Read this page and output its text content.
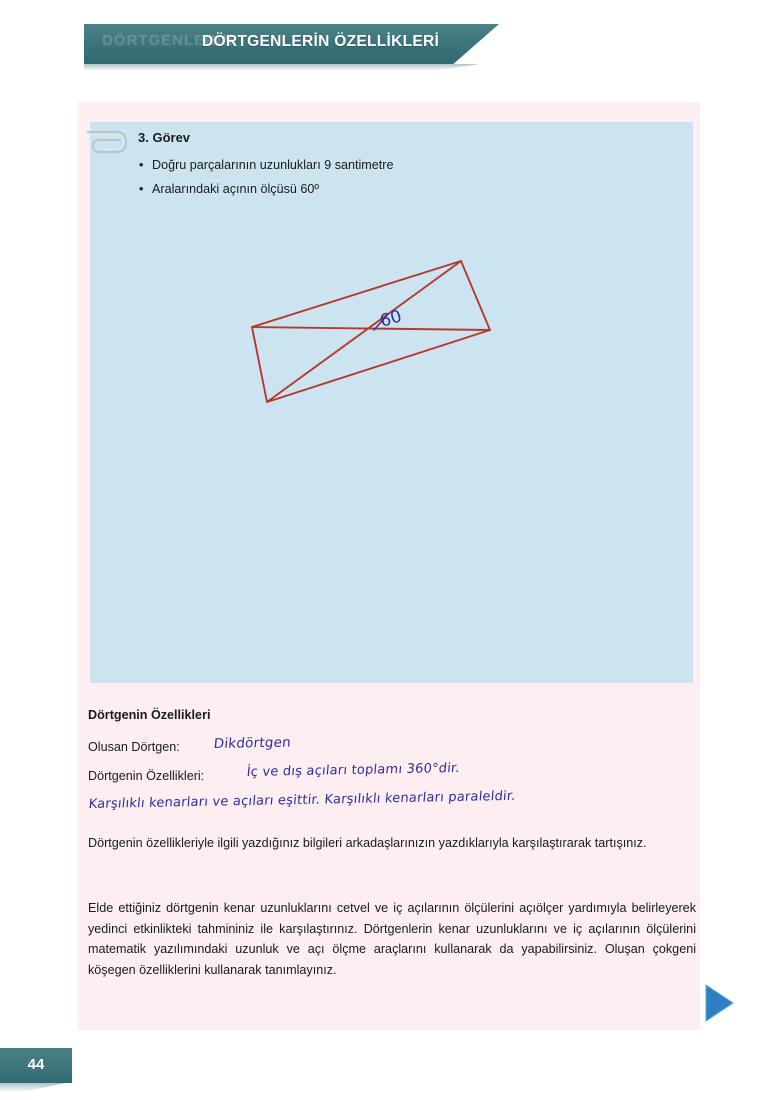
DÖRTGENLERİN
DÖRTGENLERİN ÖZELLİKLERİ
3. Görev
• Doğru parçalarının uzunlukları 9 santimetre
• Aralarındaki açının ölçüsü 60º
60
Dörtgenin Özellikleri
Olusan Dörtgen: Dikdörtgen
Dörtgenin Özellikleri:	İç ve dış açıları toplamı 360°dir.
Karşılıklı kenarları ve açıları eşittir. Karşılıklı kenarları paraleldir.
Dörtgenin özellikleriyle ilgili yazdığınız bilgileri arkadaşlarınızın yazdıklarıyla karşılaştırarak tartışınız.
Elde ettiğiniz dörtgenin kenar uzunluklarını cetvel ve iç açılarının ölçülerini açıölçer yardımıyla belirleyerek yedinci etkinlikteki tahmininiz ile karşılaştırınız. Dörtgenlerin kenar uzunluklarını ve iç açılarının ölçülerini matematik yazılımındaki uzunluk ve açı ölçme araçlarını kullanarak da yapabilirsiniz. Oluşan çokgeni köşegen özelliklerini kullanarak tanımlayınız.
44
